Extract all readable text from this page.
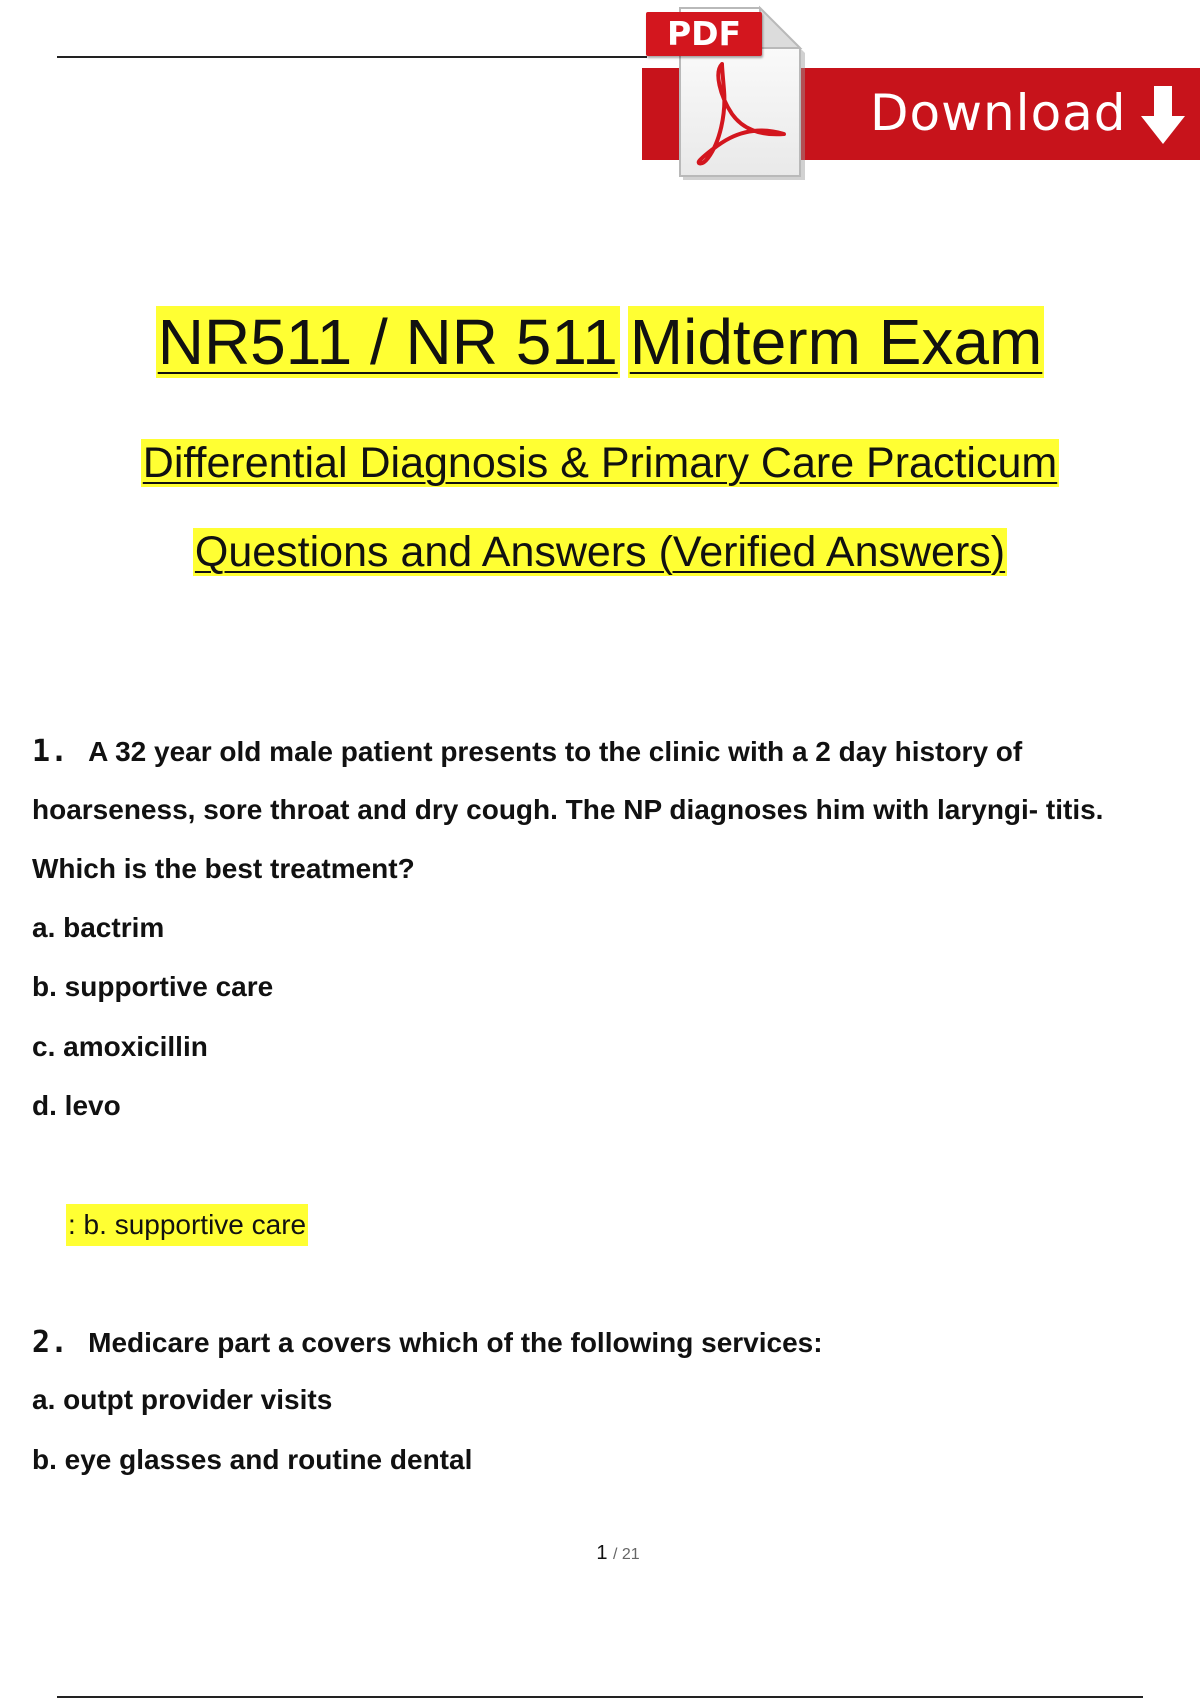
Download
PDF
NR511 / NR 511 Midterm Exam
Differential Diagnosis & Primary Care Practicum
Questions and Answers (Verified Answers)
1. A 32 year old male patient presents to the clinic with a 2 day history of
hoarseness, sore throat and dry cough. The NP diagnoses him with laryngi- titis.
Which is the best treatment?
a. bactrim
b. supportive care
c. amoxicillin
d. levo
: b. supportive care
2. Medicare part a covers which of the following services:
a. outpt provider visits
b. eye glasses and routine dental
1 / 21
